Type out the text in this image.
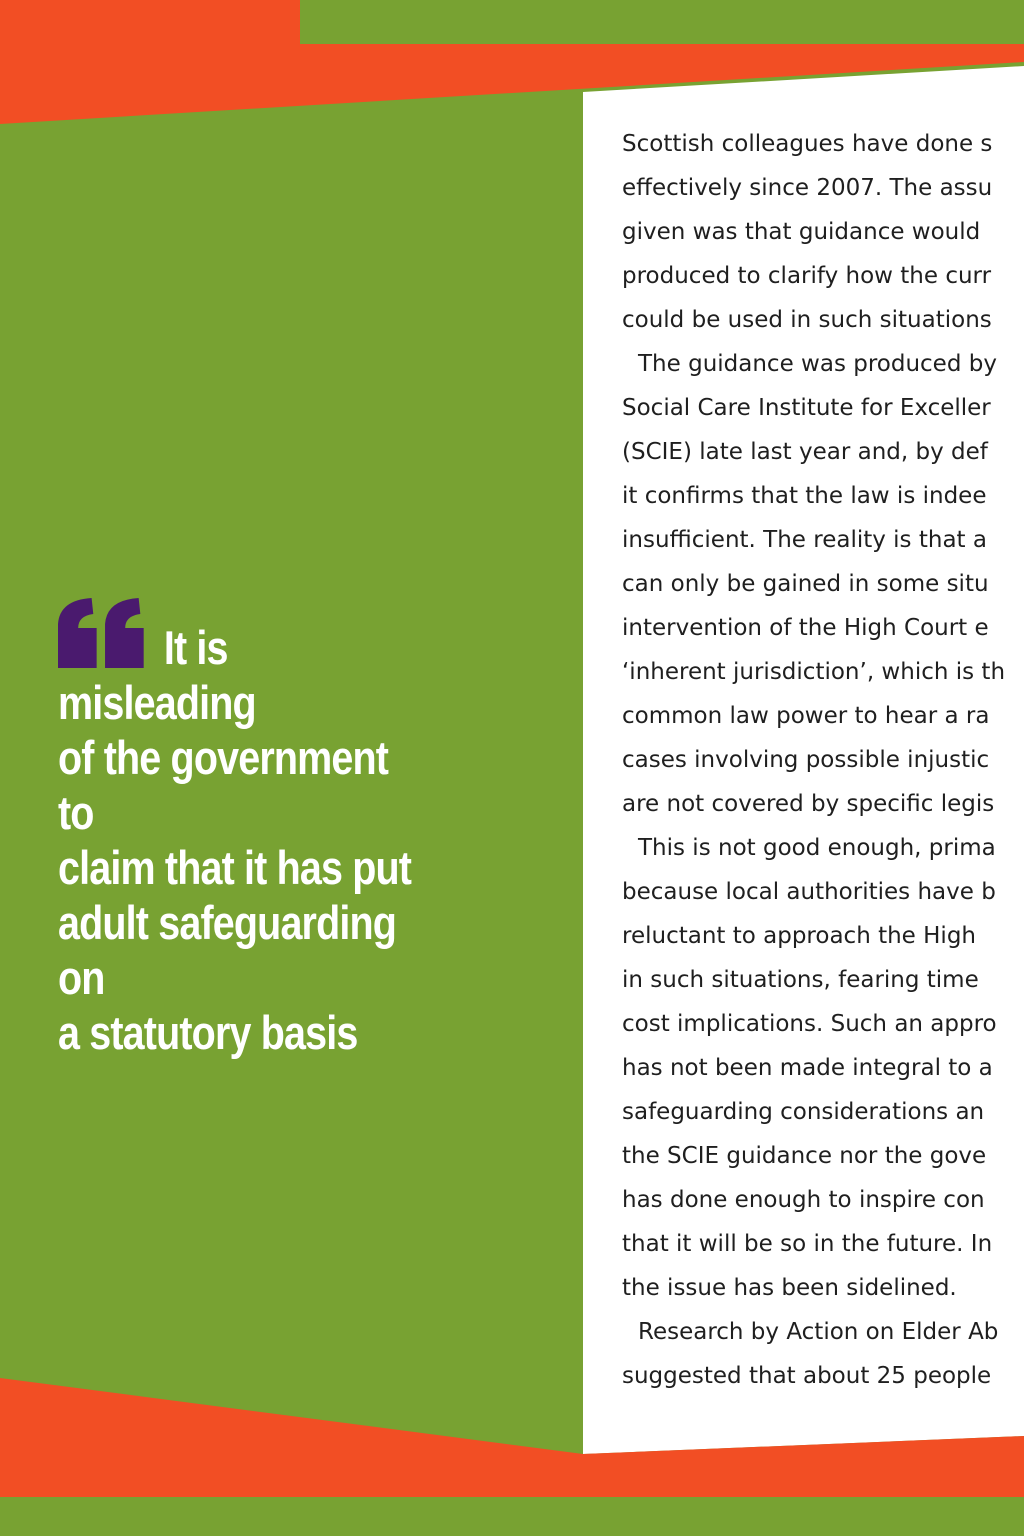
It is misleading
of the government to
claim that it has put
adult safeguarding on
a statutory basis
Scottish colleagues have done s
effectively since 2007. The assu
given was that guidance would
produced to clarify how the curr
could be used in such situations
The guidance was produced by
Social Care Institute for Exceller
(SCIE) late last year and, by def
it confirms that the law is indee
insufficient. The reality is that a
can only be gained in some situ
intervention of the High Court e
‘inherent jurisdiction’, which is th
common law power to hear a ra
cases involving possible injustic
are not covered by specific legis
This is not good enough, prima
because local authorities have b
reluctant to approach the High
in such situations, fearing time
cost implications. Such an appro
has not been made integral to a
safeguarding considerations an
the SCIE guidance nor the gove
has done enough to inspire con
that it will be so in the future. In
the issue has been sidelined.
Research by Action on Elder Ab
suggested that about 25 people
